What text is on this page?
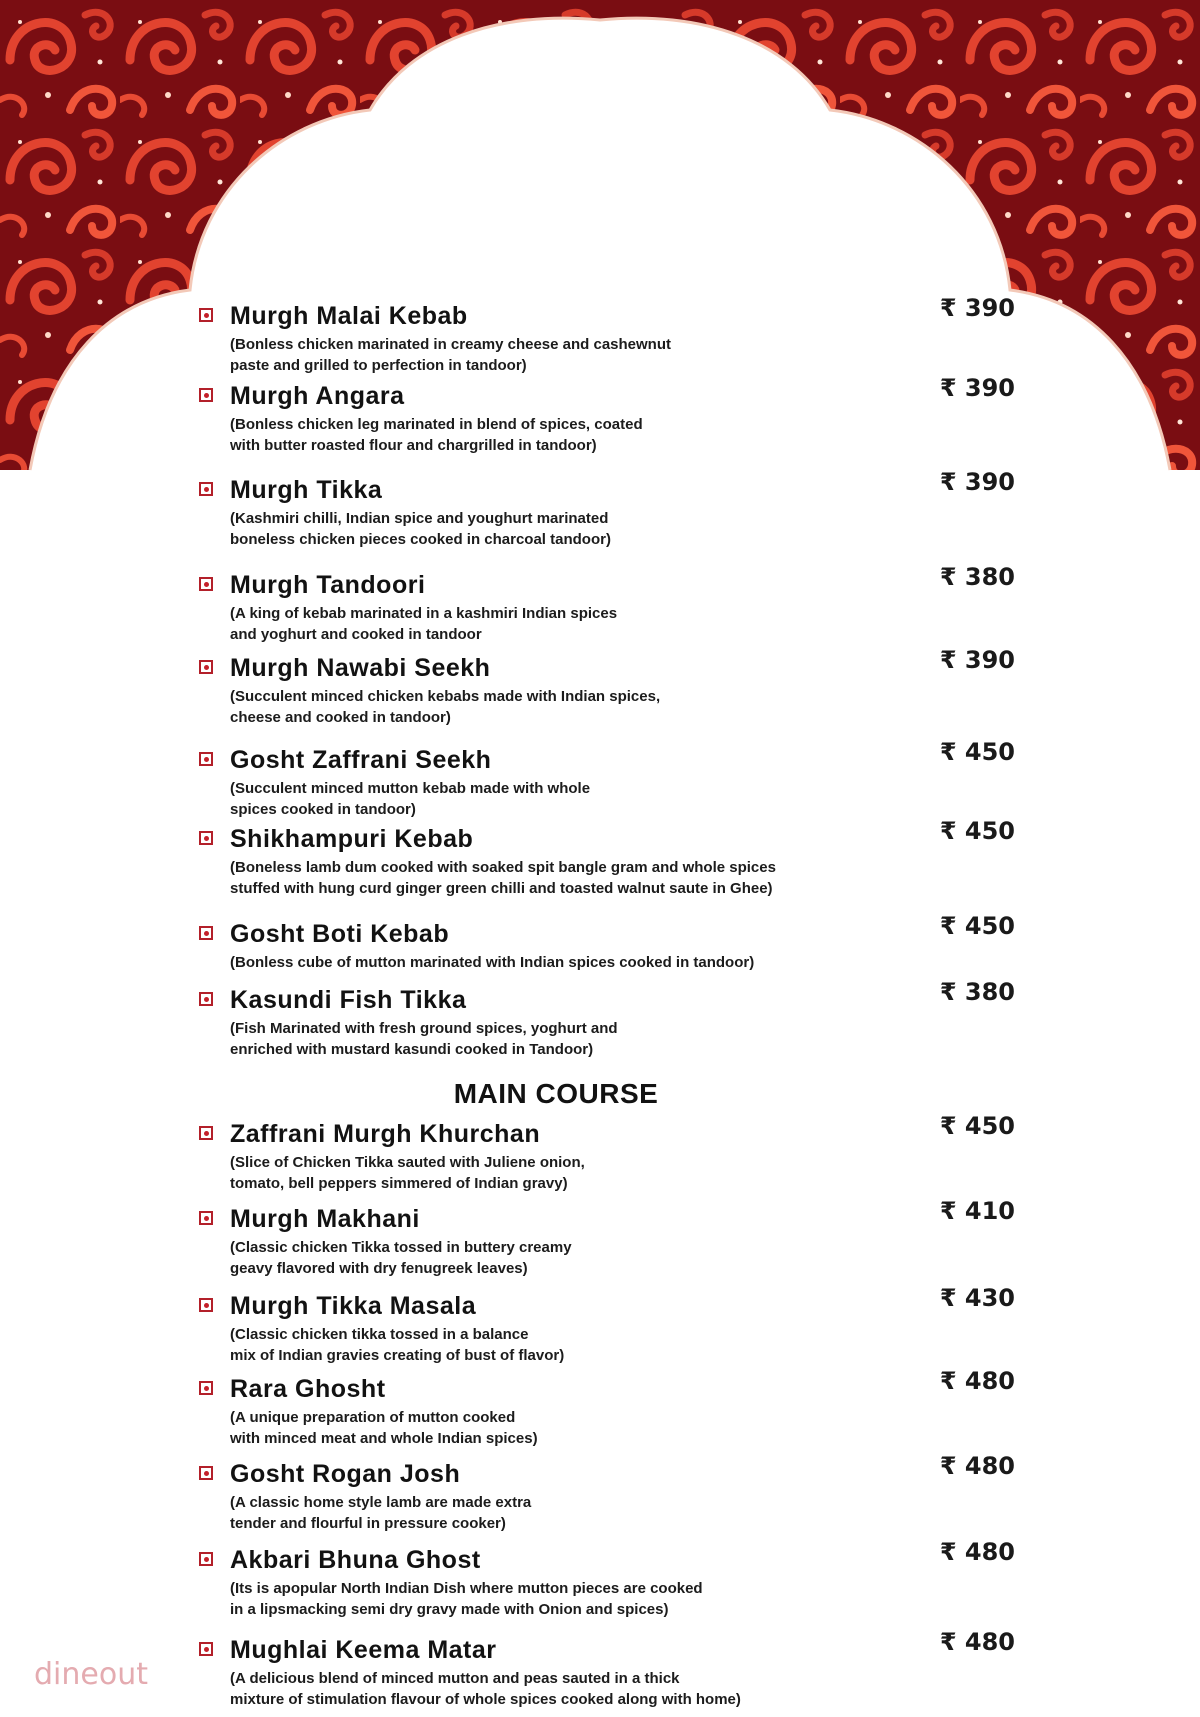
Murgh Malai Kebab
(Bonless chicken marinated in creamy cheese and cashewnut
paste and grilled to perfection in tandoor)
₹ 390
Murgh Angara
(Bonless chicken leg marinated in blend of spices, coated
with butter roasted flour and chargrilled in tandoor)
₹ 390
Murgh Tikka
(Kashmiri chilli, Indian spice and youghurt marinated
boneless chicken pieces cooked in charcoal tandoor)
₹ 390
Murgh Tandoori
(A king of kebab marinated in a kashmiri Indian spices
and yoghurt and cooked in tandoor
₹ 380
Murgh Nawabi Seekh
(Succulent minced chicken kebabs made with Indian spices,
cheese and cooked in tandoor)
₹ 390
Gosht Zaffrani Seekh
(Succulent minced mutton kebab made with whole
spices cooked in tandoor)
₹ 450
Shikhampuri Kebab
(Boneless lamb dum cooked with soaked spit bangle gram and whole spices
stuffed with hung curd ginger green chilli and toasted walnut saute in Ghee)
₹ 450
Gosht Boti Kebab
(Bonless cube of mutton marinated with Indian spices cooked in tandoor)
₹ 450
Kasundi Fish Tikka
(Fish Marinated with fresh ground spices, yoghurt and
enriched with mustard kasundi cooked in Tandoor)
₹ 380
Zaffrani Murgh Khurchan
(Slice of Chicken Tikka sauted with Juliene onion,
tomato, bell peppers simmered of Indian gravy)
₹ 450
Murgh Makhani
(Classic chicken Tikka tossed in buttery creamy
geavy flavored with dry fenugreek leaves)
₹ 410
Murgh Tikka Masala
(Classic chicken tikka tossed in a balance
mix of Indian gravies creating of bust of flavor)
₹ 430
Rara Ghosht
(A unique preparation of mutton cooked
with minced meat and whole Indian spices)
₹ 480
Gosht Rogan Josh
(A classic home style lamb are made extra
tender and flourful in pressure cooker)
₹ 480
Akbari Bhuna Ghost
(Its is apopular North Indian Dish where mutton pieces are cooked
in a lipsmacking semi dry gravy made with Onion and spices)
₹ 480
Mughlai Keema Matar
(A delicious blend of minced mutton and peas sauted in a thick
mixture of stimulation flavour of whole spices cooked along with home)
₹ 480
MAIN COURSE
dineout
